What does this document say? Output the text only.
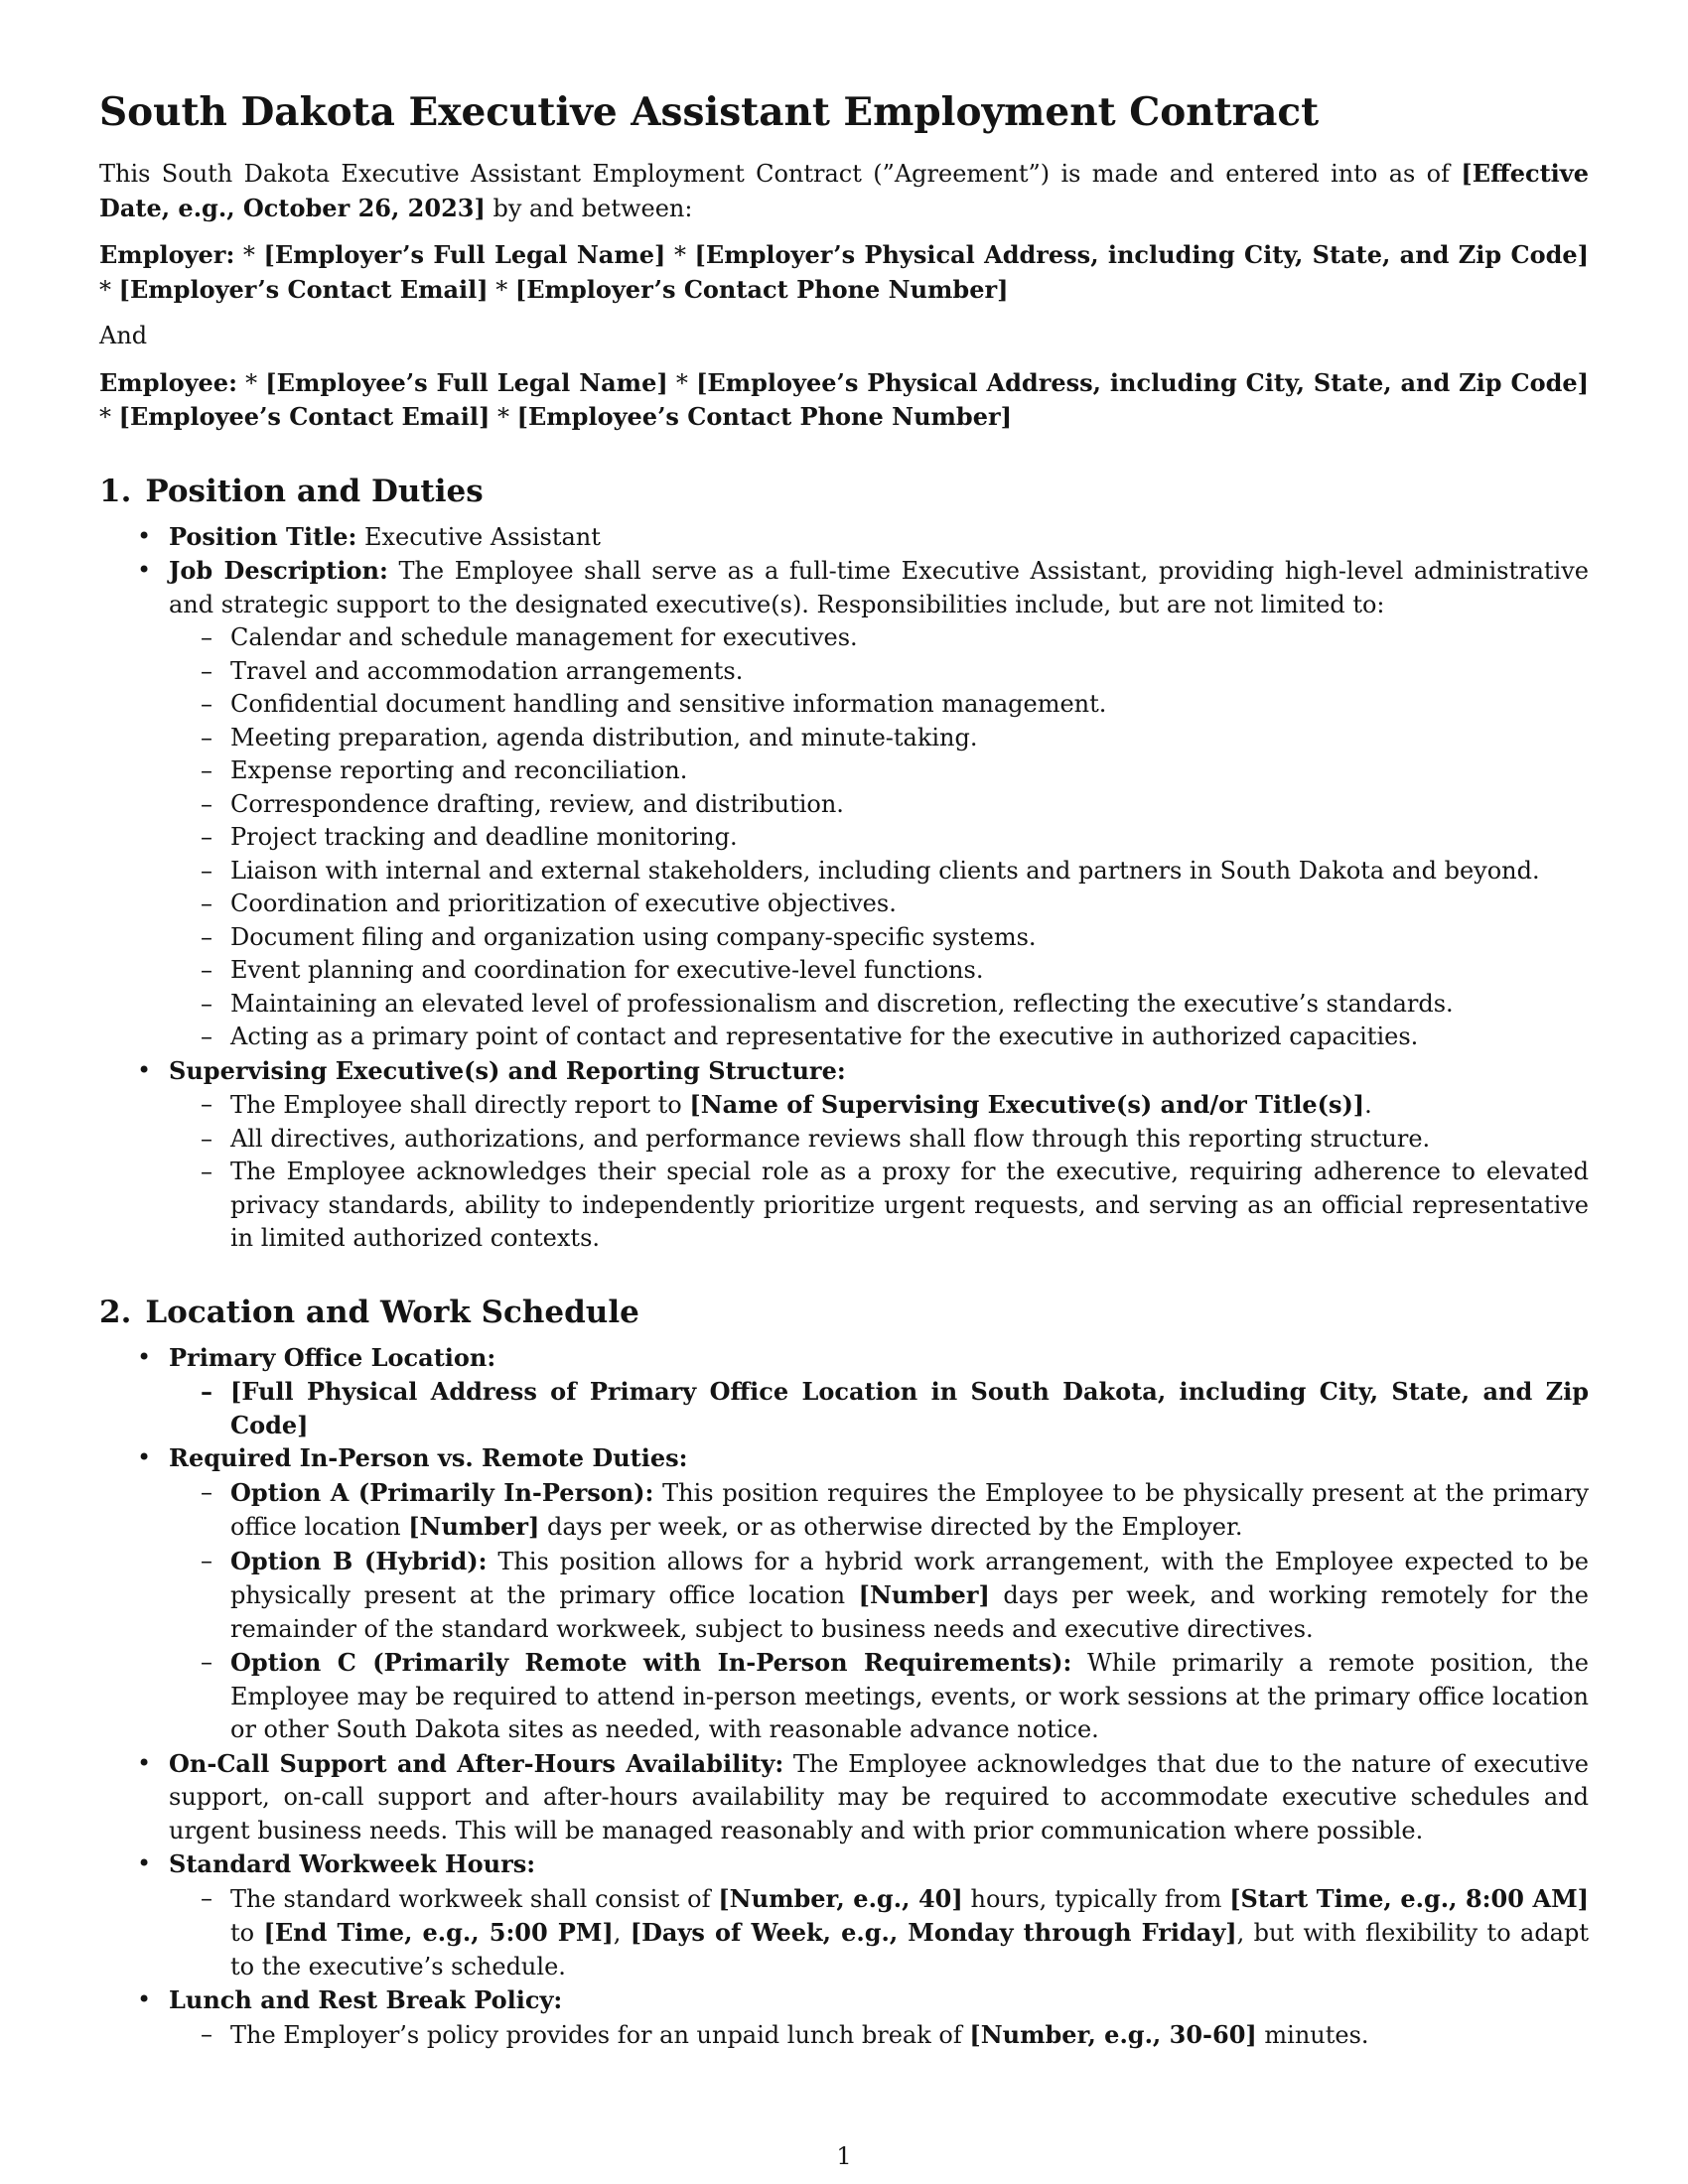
South Dakota Executive Assistant Employment Contract

This South Dakota Executive Assistant Employment Contract (”Agreement”) is made and entered into as of [Effective Date, e.g., October 26, 2023] by and between:

Employer: * [Employer’s Full Legal Name] * [Employer’s Physical Address, including City, State, and Zip Code] * [Employer’s Contact Email] * [Employer’s Contact Phone Number]

And

Employee: * [Employee’s Full Legal Name] * [Employee’s Physical Address, including City, State, and Zip Code] * [Employee’s Contact Email] * [Employee’s Contact Phone Number]

1. Position and Duties
• Position Title: Executive Assistant
• Job Description: The Employee shall serve as a full-time Executive Assistant, providing high-level administrative and strategic support to the designated executive(s). Responsibilities include, but are not limited to:
– Calendar and schedule management for executives.
– Travel and accommodation arrangements.
– Confidential document handling and sensitive information management.
– Meeting preparation, agenda distribution, and minute-taking.
– Expense reporting and reconciliation.
– Correspondence drafting, review, and distribution.
– Project tracking and deadline monitoring.
– Liaison with internal and external stakeholders, including clients and partners in South Dakota and beyond.
– Coordination and prioritization of executive objectives.
– Document filing and organization using company-specific systems.
– Event planning and coordination for executive-level functions.
– Maintaining an elevated level of professionalism and discretion, reflecting the executive’s standards.
– Acting as a primary point of contact and representative for the executive in authorized capacities.
• Supervising Executive(s) and Reporting Structure:
– The Employee shall directly report to [Name of Supervising Executive(s) and/or Title(s)].
– All directives, authorizations, and performance reviews shall flow through this reporting structure.
– The Employee acknowledges their special role as a proxy for the executive, requiring adherence to elevated privacy standards, ability to independently prioritize urgent requests, and serving as an official representative in limited authorized contexts.
2. Location and Work Schedule
• Primary Office Location:
– [Full Physical Address of Primary Office Location in South Dakota, including City, State, and Zip Code]
• Required In-Person vs. Remote Duties:
– Option A (Primarily In-Person): This position requires the Employee to be physically present at the primary office location [Number] days per week, or as otherwise directed by the Employer.
– Option B (Hybrid): This position allows for a hybrid work arrangement, with the Employee expected to be physically present at the primary office location [Number] days per week, and working remotely for the remainder of the standard workweek, subject to business needs and executive directives.
– Option C (Primarily Remote with In-Person Requirements): While primarily a remote position, the Employee may be required to attend in-person meetings, events, or work sessions at the primary office location or other South Dakota sites as needed, with reasonable advance notice.
• On-Call Support and After-Hours Availability: The Employee acknowledges that due to the nature of executive support, on-call support and after-hours availability may be required to accommodate executive schedules and urgent business needs. This will be managed reasonably and with prior communication where possible.
• Standard Workweek Hours:
– The standard workweek shall consist of [Number, e.g., 40] hours, typically from [Start Time, e.g., 8:00 AM] to [End Time, e.g., 5:00 PM], [Days of Week, e.g., Monday through Friday], but with flexibility to adapt to the executive’s schedule.
• Lunch and Rest Break Policy:
– The Employer’s policy provides for an unpaid lunch break of [Number, e.g., 30-60] minutes.
1
